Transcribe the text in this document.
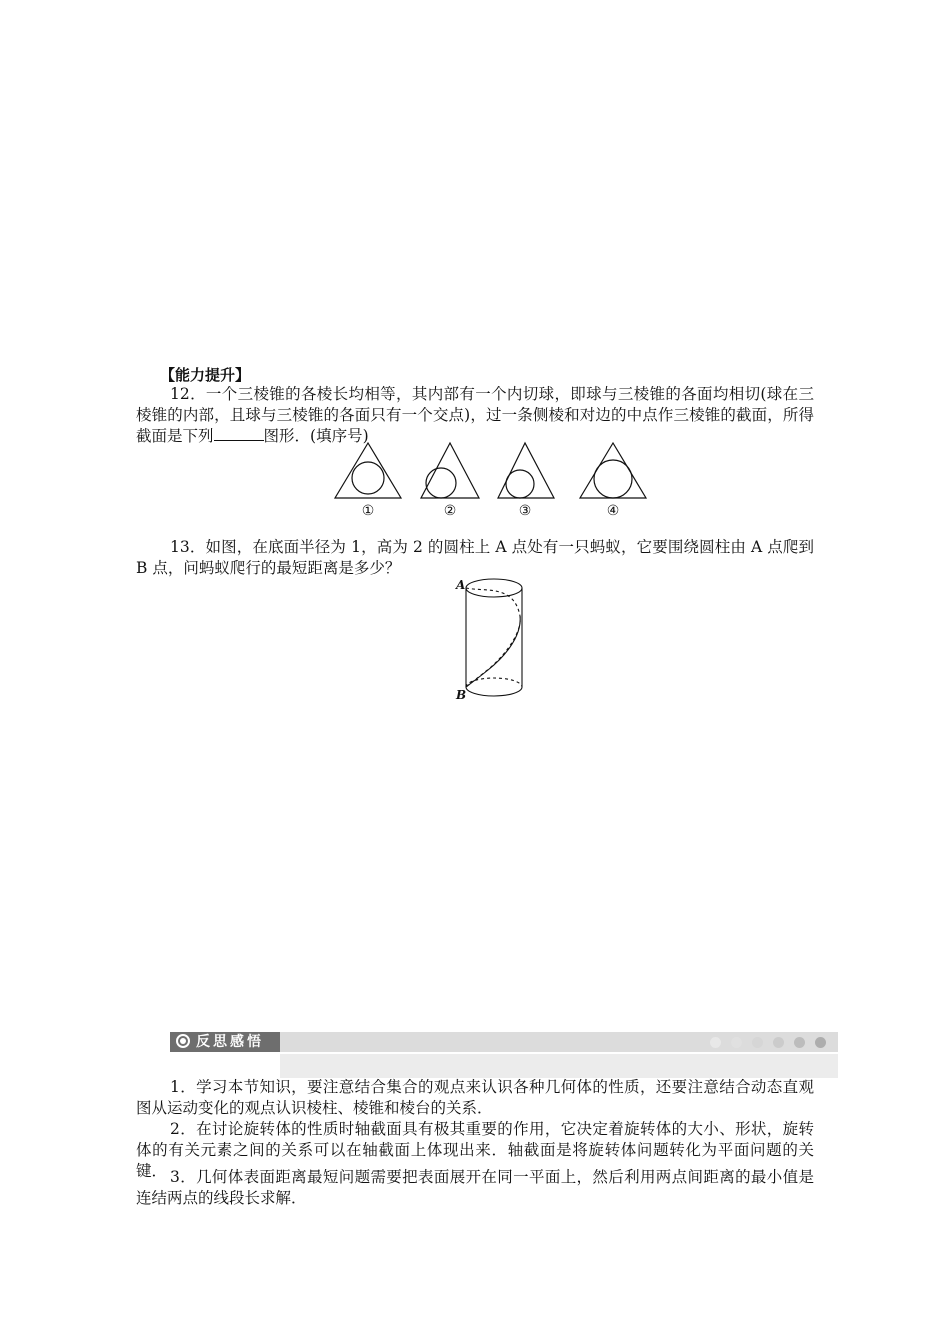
【能力提升】

12．一个三棱锥的各棱长均相等，其内部有一个内切球，即球与三棱锥的各面均相切(球在三棱锥的内部，且球与三棱锥的各面只有一个交点)，过一条侧棱和对边的中点作三棱锥的截面，所得截面是下列	图形．(填序号)

①	②	③	④

13．如图，在底面半径为 1，高为 2 的圆柱上 A 点处有一只蚂蚁，它要围绕圆柱由 A 点爬到 B 点，问蚂蚁爬行的最短距离是多少？

A
B
反思感悟

1．学习本节知识，要注意结合集合的观点来认识各种几何体的性质，还要注意结合动态直观图从运动变化的观点认识棱柱、棱锥和棱台的关系．

2．在讨论旋转体的性质时轴截面具有极其重要的作用，它决定着旋转体的大小、形状，旋转体的有关元素之间的关系可以在轴截面上体现出来．轴截面是将旋转体问题转化为平面问题的关键． 3．几何体表面距离最短问题需要把表面展开在同一平面上，然后利用两点间距离的最小值是连结两点的线段长求解．
